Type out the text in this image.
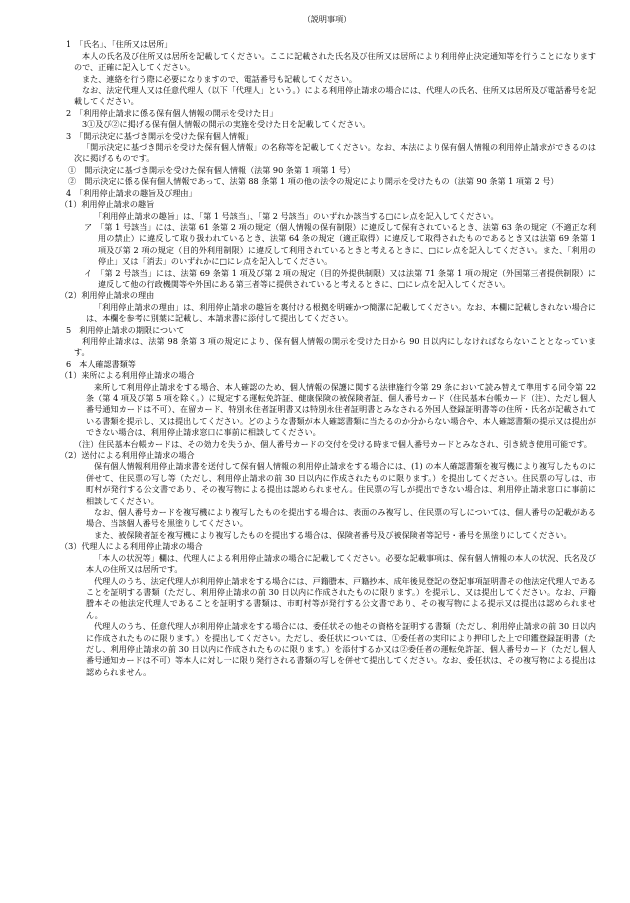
（説明事項）

1　「氏名」、「住所又は居所」

本人の氏名及び住所又は居所を記載してください。ここに記載された氏名及び住所又は居所により利用停止決定通知等を行うことになりますので、正確に記入してください。

また、連絡を行う際に必要になりますので、電話番号も記載してください。

なお、法定代理人又は任意代理人（以下「代理人」という。）による利用停止請求の場合には、代理人の氏名、住所又は居所及び電話番号を記載してください。

2　「利用停止請求に係る保有個人情報の開示を受けた日」

3①及び②に掲げる保有個人情報の開示の実施を受けた日を記載してください。

3　「開示決定に基づき開示を受けた保有個人情報」

「開示決定に基づき開示を受けた保有個人情報」の名称等を記載してください。なお、本法により保有個人情報の利用停止請求ができるのは次に掲げるものです。

①　開示決定に基づき開示を受けた保有個人情報（法第 90 条第 1 項第 1 号）

②　開示決定に係る保有個人情報であって、法第 88 条第 1 項の他の法令の規定により開示を受けたもの（法第 90 条第 1 項第 2 号）

4　「利用停止請求の趣旨及び理由」

（1）利用停止請求の趣旨

「利用停止請求の趣旨」は、「第 1 号該当」、「第 2 号該当」のいずれか該当する□にレ点を記入してください。

ア　「第 1 号該当」には、法第 61 条第 2 項の規定（個人情報の保有制限）に違反して保有されているとき、法第 63 条の規定（不適正な利用の禁止）に違反して取り扱われているとき、法第 64 条の規定（適正取得）に違反して取得されたものであるとき又は法第 69 条第 1 項及び第 2 項の規定（目的外利用制限）に違反して利用されているときと考えるときに、□にレ点を記入してください。また、「利用の停止」又は「消去」のいずれかに□にレ点を記入してください。

イ　「第 2 号該当」には、法第 69 条第 1 項及び第 2 項の規定（目的外提供制限）又は法第 71 条第 1 項の規定（外国第三者提供制限）に違反して他の行政機関等や外国にある第三者等に提供されていると考えるときに、□にレ点を記入してください。

（2）利用停止請求の理由

「利用停止請求の理由」は、利用停止請求の趣旨を裏付ける根拠を明確かつ簡潔に記載してください。なお、本欄に記載しきれない場合には、本欄を参考に別葉に記載し、本請求書に添付して提出してください。

5　利用停止請求の期限について

利用停止請求は、法第 98 条第 3 項の規定により、保有個人情報の開示を受けた日から 90 日以内にしなければならないこととなっています。

6　本人確認書類等

（1）来所による利用停止請求の場合

来所して利用停止請求をする場合、本人確認のため、個人情報の保護に関する法律施行令第 29 条において読み替えて準用する同令第 22 条（第 4 項及び第 5 項を除く。）に規定する運転免許証、健康保険の被保険者証、個人番号カード（住民基本台帳カード（注）、ただし個人番号通知カードは不可）、在留カード、特別永住者証明書又は特別永住者証明書とみなされる外国人登録証明書等の住所・氏名が記載されている書類を提示し、又は提出してください。どのような書類が本人確認書類に当たるのか分からない場合や、本人確認書類の提示又は提出ができない場合は、利用停止請求窓口に事前に相談してください。

（注）住民基本台帳カードは、その効力を失うか、個人番号カードの交付を受ける時まで個人番号カードとみなされ、引き続き使用可能です。

（2）送付による利用停止請求の場合

保有個人情報利用停止請求書を送付して保有個人情報の利用停止請求をする場合には、(1) の本人確認書類を複写機により複写したものに併せて、住民票の写し等（ただし、利用停止請求の前 30 日以内に作成されたものに限ります。）を提出してください。住民票の写しは、市町村が発行する公文書であり、その複写物による提出は認められません。住民票の写しが提出できない場合は、利用停止請求窓口に事前に相談してください。

なお、個人番号カードを複写機により複写したものを提出する場合は、表面のみ複写し、住民票の写しについては、個人番号の記載がある場合、当該個人番号を黒塗りしてください。

また、被保険者証を複写機により複写したものを提出する場合は、保険者番号及び被保険者等記号・番号を黒塗りにしてください。

（3）代理人による利用停止請求の場合

「本人の状況等」欄は、代理人による利用停止請求の場合に記載してください。必要な記載事項は、保有個人情報の本人の状況、氏名及び本人の住所又は居所です。

代理人のうち、法定代理人が利用停止請求をする場合には、戸籍謄本、戸籍抄本、成年後見登記の登記事項証明書その他法定代理人であることを証明する書類（ただし、利用停止請求の前 30 日以内に作成されたものに限ります。）を提示し、又は提出してください。なお、戸籍謄本その他法定代理人であることを証明する書類は、市町村等が発行する公文書であり、その複写物による提示又は提出は認められません。

代理人のうち、任意代理人が利用停止請求をする場合には、委任状その他その資格を証明する書類（ただし、利用停止請求の前 30 日以内に作成されたものに限ります。）を提出してください。ただし、委任状については、①委任者の実印により押印した上で印鑑登録証明書（ただし、利用停止請求の前 30 日以内に作成されたものに限ります。）を添付するか又は②委任者の運転免許証、個人番号カード（ただし個人番号通知カードは不可）等本人に対し一に限り発行される書類の写しを併せて提出してください。なお、委任状は、その複写物による提出は認められません。
